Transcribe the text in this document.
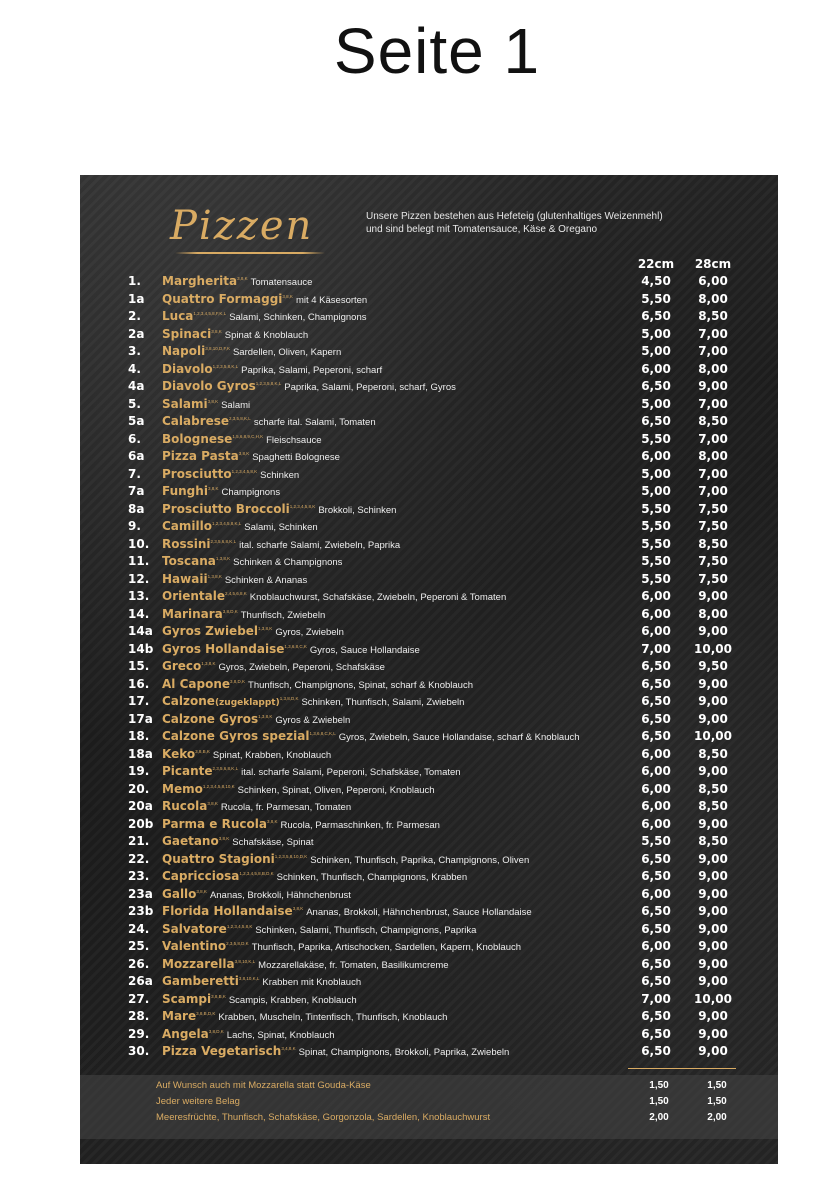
Seite 1
Pizzen	Unsere Pizzen bestehen aus Hefeteig (glutenhaltiges Weizenmehl)
und sind belegt mit Tomatensauce, Käse & Oregano
22cm	28cm
1.	Margherita$^{3,8,K}$ Tomatensauce	4,50	6,00
1a	Quattro Formaggi$^{3,8,K}$ mit 4 Käsesorten	5,50	8,00
2.	Luca$^{1,2,3,4,5,8,F,K,L}$ Salami, Schinken, Champignons	6,50	8,50
2a	Spinaci$^{3,8,K}$ Spinat & Knoblauch	5,00	7,00
3.	Napoli$^{3,8,10,D,F,K}$ Sardellen, Oliven, Kapern	5,00	7,00
4.	Diavolo$^{1,2,3,5,8,K,L}$ Paprika, Salami, Peperoni, scharf	6,00	8,00
4a	Diavolo Gyros$^{1,2,3,5,8,K,L}$ Paprika, Salami, Peperoni, scharf, Gyros	6,50	9,00
5.	Salami$^{3,8,K}$ Salami	5,00	7,00
5a	Calabrese$^{2,3,5,8,K,L}$ scharfe ital. Salami, Tomaten	6,50	8,50
6.	Bolognese$^{1,5,6,8,9,C,H,K}$ Fleischsauce	5,50	7,00
6a	Pizza Pasta$^{3,8,K}$ Spaghetti Bolognese	6,00	8,00
7.	Prosciutto$^{1,2,3,4,5,8,K}$ Schinken	5,00	7,00
7a	Funghi$^{3,8,K}$ Champignons	5,00	7,00
8a	Prosciutto Broccoli$^{1,2,3,4,5,8,K}$ Brokkoli, Schinken	5,50	7,50
9.	Camillo$^{1,2,3,4,5,8,K,L}$ Salami, Schinken	5,50	7,50
10.	Rossini$^{2,3,5,6,8,K,L}$ ital. scharfe Salami, Zwiebeln, Paprika	5,50	8,50
11.	Toscana$^{1,3,8,K}$ Schinken & Champignons	5,50	7,50
12.	Hawaii$^{1,3,8,K}$ Schinken & Ananas	5,50	7,50
13.	Orientale$^{2,4,5,6,8,K}$ Knoblauchwurst, Schafskäse, Zwiebeln, Peperoni & Tomaten	6,00	9,00
14.	Marinara$^{3,8,D,K}$ Thunfisch, Zwiebeln	6,00	8,00
14a Gyros Zwiebel$^{1,3,8,K}$ Gyros, Zwiebeln	6,00	9,00
14b Gyros Hollandaise$^{1,3,6,8,C,K}$ Gyros, Sauce Hollandaise	7,00	10,00
15.	Greco$^{1,3,8,K}$ Gyros, Zwiebeln, Peperoni, Schafskäse	6,50	9,50
16.	Al Capone$^{3,8,D,K}$ Thunfisch, Champignons, Spinat, scharf & Knoblauch	6,50	9,00
17.	Calzone(zugeklappt)$^{1,3,8,D,K}$ Schinken, Thunfisch, Salami, Zwiebeln	6,50	9,00
17a Calzone Gyros$^{1,3,8,K}$ Gyros & Zwiebeln	6,50	9,00
18.	Calzone Gyros spezial$^{1,3,6,8,C,K,L}$ Gyros, Zwiebeln, Sauce Hollandaise, scharf & Knoblauch	6,50	10,00
18a Keko$^{3,8,B,K}$ Spinat, Krabben, Knoblauch	6,00	8,50
19.	Picante$^{2,3,5,6,8,K,L}$ ital. scharfe Salami, Peperoni, Schafskäse, Tomaten	6,00	9,00
20.	Memo$^{1,2,3,4,5,8,10,K}$ Schinken, Spinat, Oliven, Peperoni, Knoblauch	6,00	8,50
20a Rucola$^{3,8,K}$ Rucola, fr. Parmesan, Tomaten	6,00	8,50
20b Parma e Rucola$^{3,8,K}$ Rucola, Parmaschinken, fr. Parmesan	6,00	9,00
21.	Gaetano$^{3,8,K}$ Schafskäse, Spinat	5,50	8,50
22.	Quattro Stagioni$^{1,2,3,5,8,10,D,K}$ Schinken, Thunfisch, Paprika, Champignons, Oliven	6,50	9,00
23.	Capricciosa$^{1,2,3,4,5,8,B,D,K}$ Schinken, Thunfisch, Champignons, Krabben	6,50	9,00
23a Gallo$^{3,8,K}$ Ananas, Brokkoli, Hähnchenbrust	6,00	9,00
23b Florida Hollandaise$^{3,8,K}$ Ananas, Brokkoli, Hähnchenbrust, Sauce Hollandaise	6,50	9,00
24.	Salvatore$^{1,2,3,4,5,8,K}$ Schinken, Salami, Thunfisch, Champignons, Paprika	6,50	9,00
25.	Valentino$^{2,3,5,8,D,K}$ Thunfisch, Paprika, Artischocken, Sardellen, Kapern, Knoblauch	6,00	9,00
26.	Mozzarella$^{3,8,10,K,L}$ Mozzarellakäse, fr. Tomaten, Basilikumcreme	6,50	9,00
26a Gamberetti$^{3,8,10,K,L}$ Krabben mit Knoblauch	6,50	9,00
27.	Scampi$^{3,8,B,K}$ Scampis, Krabben, Knoblauch	7,00	10,00
28.	Mare$^{3,8,B,D,K}$ Krabben, Muscheln, Tintenfisch, Thunfisch, Knoblauch	6,50	9,00
29.	Angela$^{3,8,D,K}$ Lachs, Spinat, Knoblauch	6,50	9,00
30.	Pizza Vegetarisch$^{3,4,8,K}$ Spinat, Champignons, Brokkoli, Paprika, Zwiebeln	6,50	9,00
Auf Wunsch auch mit Mozzarella statt Gouda-Käse	1,50	1,50
Jeder weitere Belag	1,50	1,50
Meeresfrüchte, Thunfisch, Schafskäse, Gorgonzola, Sardellen, Knoblauchwurst	2,00	2,00
